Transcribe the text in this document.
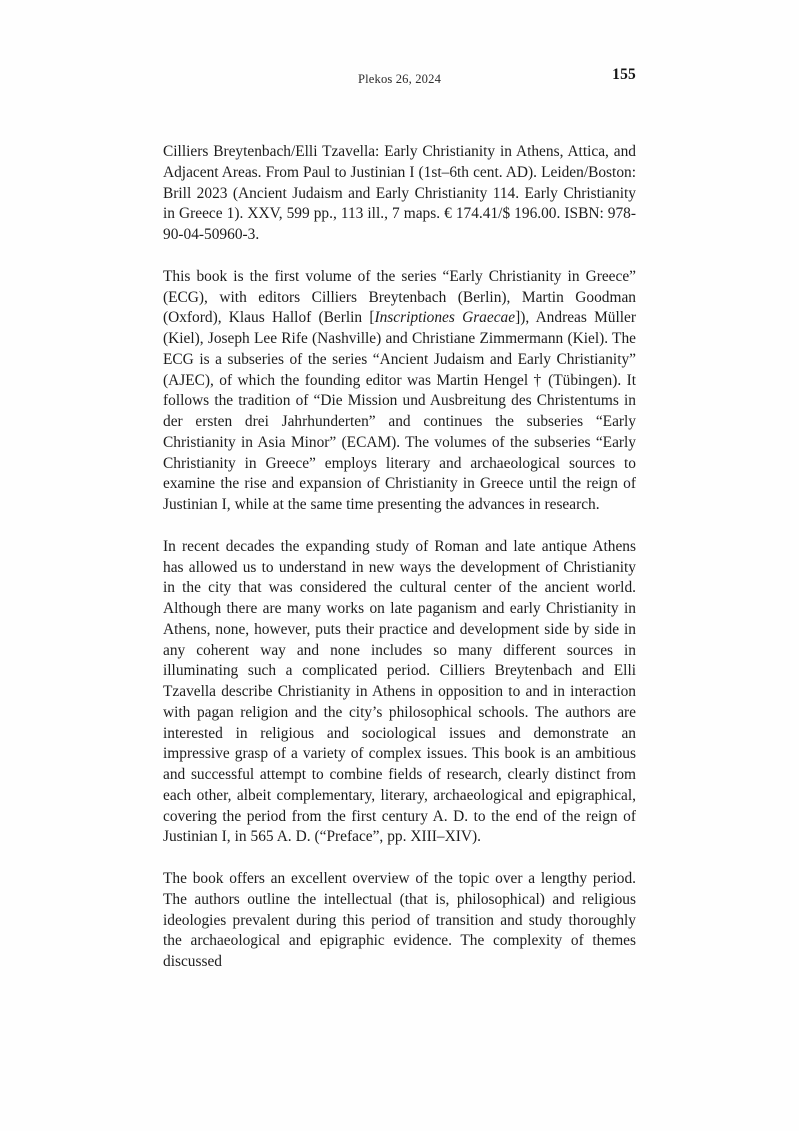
Plekos 26, 2024	155

Cilliers Breytenbach/Elli Tzavella: Early Christianity in Athens, Attica, and Adjacent Areas. From Paul to Justinian I (1st–6th cent. AD). Leiden/Boston: Brill 2023 (Ancient Judaism and Early Christianity 114. Early Christianity in Greece 1). XXV, 599 pp., 113 ill., 7 maps. € 174.41/$ 196.00. ISBN: 978-90-04-50960-3.

This book is the first volume of the series “Early Christianity in Greece” (ECG), with editors Cilliers Breytenbach (Berlin), Martin Goodman (Oxford), Klaus Hallof (Berlin [Inscriptiones Graecae]), Andreas Müller (Kiel), Joseph Lee Rife (Nashville) and Christiane Zimmermann (Kiel). The ECG is a subseries of the series “Ancient Judaism and Early Christianity” (AJEC), of which the founding editor was Martin Hengel † (Tübingen). It follows the tradition of “Die Mission und Ausbreitung des Christentums in der ersten drei Jahrhunderten” and continues the subseries “Early Christianity in Asia Minor” (ECAM). The volumes of the subseries “Early Christianity in Greece” employs literary and archaeological sources to examine the rise and expansion of Christianity in Greece until the reign of Justinian I, while at the same time presenting the advances in research.

In recent decades the expanding study of Roman and late antique Athens has allowed us to understand in new ways the development of Christianity in the city that was considered the cultural center of the ancient world. Although there are many works on late paganism and early Christianity in Athens, none, however, puts their practice and development side by side in any coherent way and none includes so many different sources in illuminating such a complicated period. Cilliers Breytenbach and Elli Tzavella describe Christianity in Athens in opposition to and in interaction with pagan religion and the city’s philosophical schools. The authors are interested in religious and sociological issues and demonstrate an impressive grasp of a variety of complex issues. This book is an ambitious and successful attempt to combine fields of research, clearly distinct from each other, albeit complementary, literary, archaeological and epigraphical, covering the period from the first century A. D. to the end of the reign of Justinian I, in 565 A. D. (“Preface”, pp. XIII–XIV).

The book offers an excellent overview of the topic over a lengthy period. The authors outline the intellectual (that is, philosophical) and religious ideologies prevalent during this period of transition and study thoroughly the archaeological and epigraphic evidence. The complexity of themes discussed
